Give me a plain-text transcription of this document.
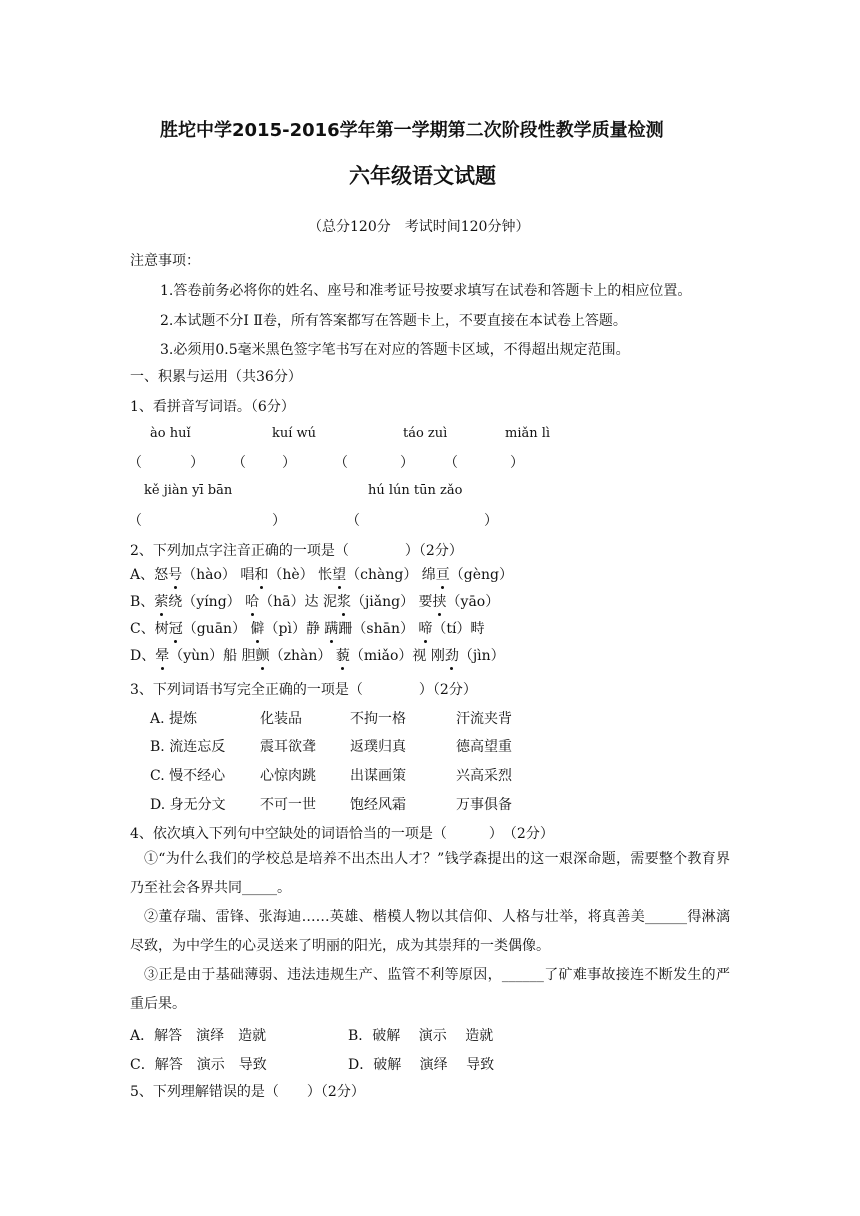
胜坨中学2015-2016学年第一学期第二次阶段性教学质量检测
六年级语文试题
（总分120分　考试时间120分钟）
注意事项：
1.答卷前务必将你的姓名、座号和准考证号按要求填写在试卷和答题卡上的相应位置。
2.本试题不分Ⅰ Ⅱ卷，所有答案都写在答题卡上，不要直接在本试卷上答题。
3.必须用0.5毫米黑色签字笔书写在对应的答题卡区域，不得超出规定范围。
一、积累与运用（共36分）
1、看拼音写词语。（6分）
ào huǐ	kuí wú	táo zuì	miǎn lì
（	） （	）	（	） （	）
kě jiàn yī bān	hú lún tūn zǎo
（	）	（	）
2、下列加点字注音正确的一项是（　　　　）（2分）
A、怒号（hào） 唱和（hè） 怅望（chàng） 绵亘（gèng）
B、萦绕（yíng） 哈（hā）达 泥浆（jiǎng） 要挟（yāo）
C、树冠（guān） 僻（pì）静 蹒跚（shān） 啼（tí）畤
D、晕（yùn）船 胆颤（zhàn） 藐（miǎo）视 刚劲（jìn）
3、下列词语书写完全正确的一项是（　　　　）（2分）
A. 提炼	化装品	不拘一格	汗流夹背
B. 流连忘反 震耳欲聋 返璞归真	德高望重
C. 慢不经心 心惊肉跳 出谋画策	兴高采烈
D. 身无分文 不可一世 饱经风霜	万事俱备
4、依次填入下列句中空缺处的词语恰当的一项是（　　　）　（2分）
①“为什么我们的学校总是培养不出杰出人才？”钱学森提出的这一艰深命题，需要整个教育界乃至社会各界共同_____。
②董存瑞、雷锋、张海迪……英雄、楷模人物以其信仰、人格与壮举，将真善美______得淋漓尽致，为中学生的心灵送来了明丽的阳光，成为其崇拜的一类偶像。
③正是由于基础薄弱、违法违规生产、监管不利等原因，______了矿难事故接连不断发生的严重后果。
A．解答　演绎　造就	B．破解　 演示　 造就
C．解答　演示　导致	D．破解　 演绎　 导致
5、下列理解错误的是（　　）（2分）
